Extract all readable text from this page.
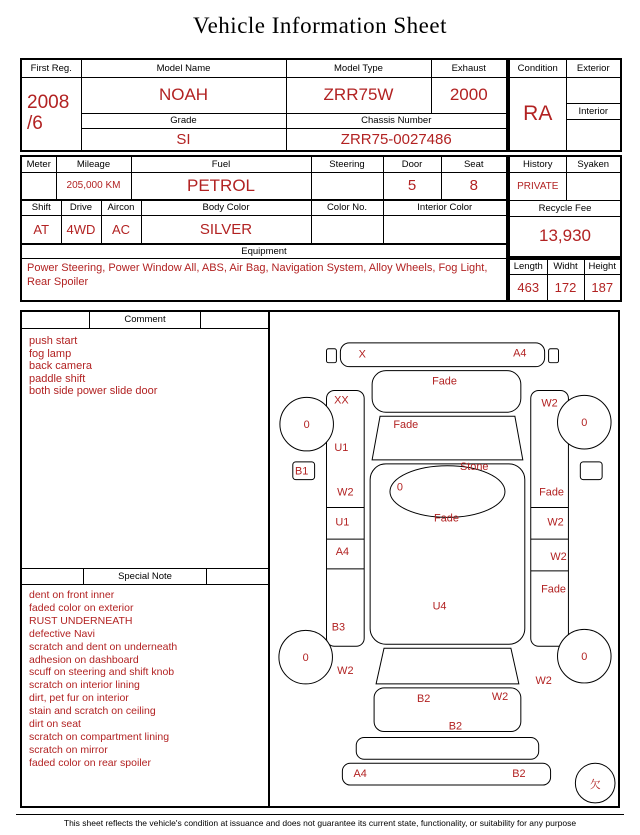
Vehicle Information Sheet
First Reg.	Model Name	Model Type	Exhaust

2008
/6	NOAH	ZRR75W	2000
	Grade	Chassis Number	
	SI	ZRR75-0027486	
Condition	Exterior
RA	
	Interior

Meter	Mileage	Fuel	Steering	Door	Seat
	205,000 KM	PETROL		5	8
Shift	Drive	Aircon	Body Color	Color No.	Interior Color
AT	4WD	AC	SILVER		
Equipment
Power Steering, Power Window All, ABS, Air Bag, Navigation System, Alloy Wheels, Fog Light, Rear Spoiler
History	Syaken
PRIVATE	
Recycle Fee	
13,930	
Length	Widht	Height
463	172	187
Comment
push start
fog lamp
back camera
paddle shift
both side power slide door
Special Note
dent on front inner
faded color on exterior
RUST UNDERNEATH
defective Navi
scratch and dent on underneath
adhesion on dashboard
scuff on steering and shift knob
scratch on interior lining
dirt, pet fur on interior
stain and scratch on ceiling
dirt on seat
scratch on compartment lining
scratch on mirror
faded color on rear spoiler
X	A4
Fade
XX	W2
Fade
0	0
U1
Stone
B1
0
W2	Fade
Fade
U1	W2
A4	W2
Fade
U4
B3
0	0
W2
W2
B2	W2
B2
A4	B2
欠
This sheet reflects the vehicle's condition at issuance and does not guarantee its current state, functionality, or suitability for any purpose
